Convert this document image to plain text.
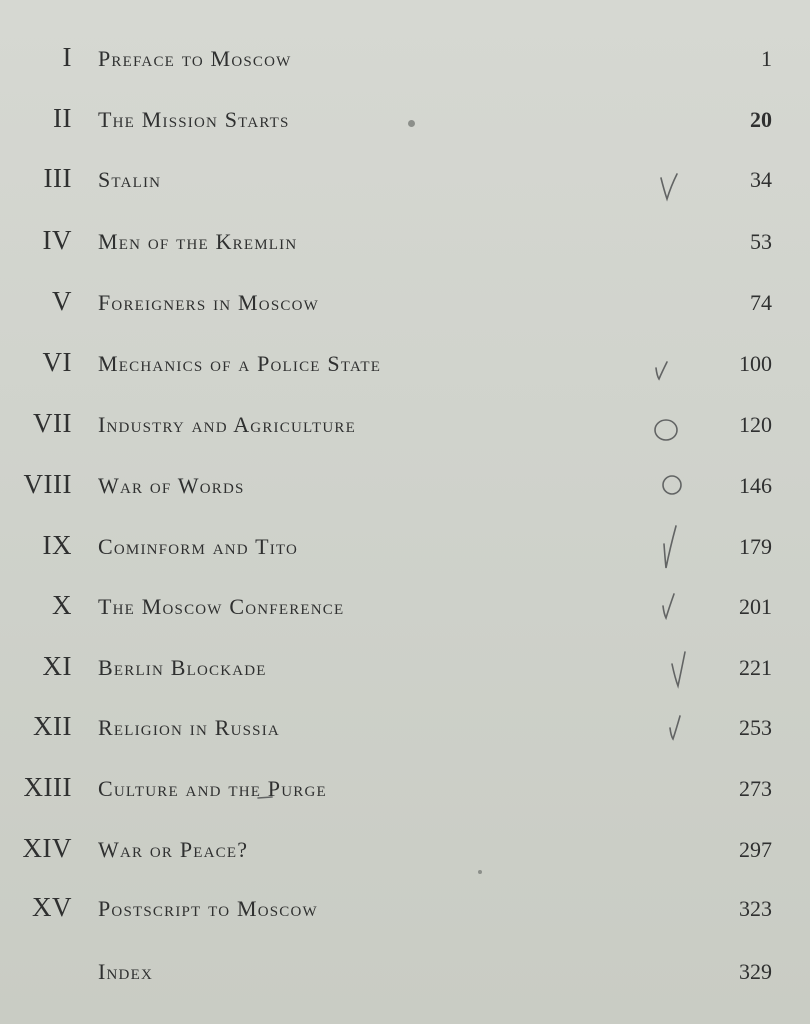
I Preface to Moscow	1
II The Mission Starts	20
III Stalin	34
IV Men of the Kremlin	53
V Foreigners in Moscow	74
VI Mechanics of a Police State	100
VII Industry and Agriculture	120
VIII War of Words	146
IX Cominform and Tito	179
X The Moscow Conference	201
XI Berlin Blockade	221
XII Religion in Russia	253
XIII Culture and the Purge	273
XIV War or Peace?	297
XV Postscript to Moscow	323
Index	329
